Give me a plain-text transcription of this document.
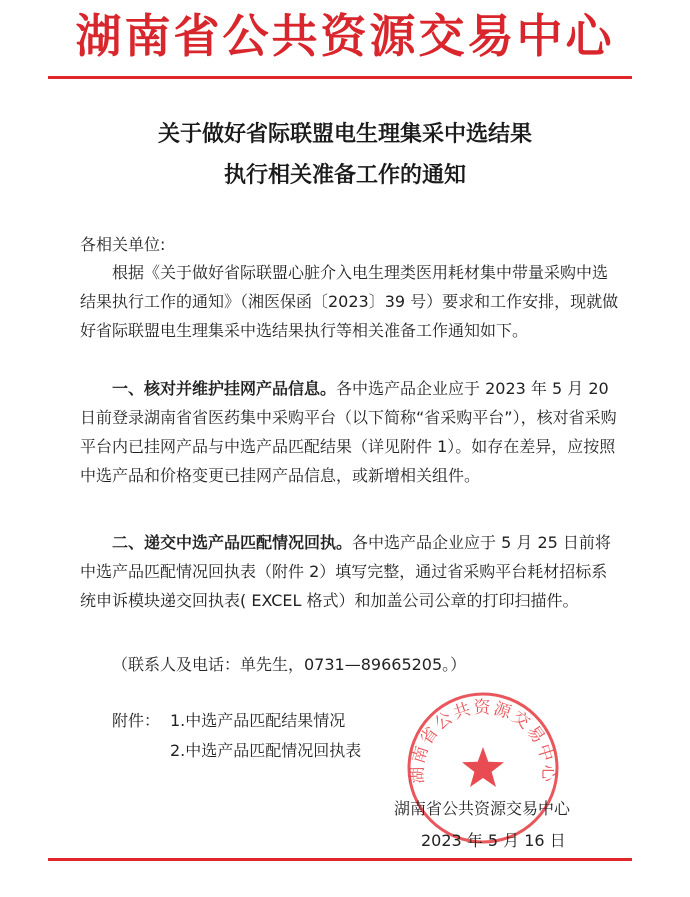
湖南省公共资源交易中心
关于做好省际联盟电生理集采中选结果
执行相关准备工作的通知
各相关单位:

根据《关于做好省际联盟心脏介入电生理类医用耗材集中带量采购中选结果执行工作的通知》（湘医保函〔2023〕39 号）要求和工作安排，现就做好省际联盟电生理集采中选结果执行等相关准备工作通知如下。

一、核对并维护挂网产品信息。各中选产品企业应于 2023 年 5 月 20 日前登录湖南省省医药集中采购平台（以下简称“省采购平台”），核对省采购平台内已挂网产品与中选产品匹配结果（详见附件 1）。如存在差异，应按照中选产品和价格变更已挂网产品信息，或新增相关组件。

二、递交中选产品匹配情况回执。各中选产品企业应于 5 月 25 日前将中选产品匹配情况回执表（附件 2）填写完整，通过省采购平台耗材招标系统申诉模块递交回执表( EXCEL 格式）和加盖公司公章的打印扫描件。

（联系人及电话：单先生，0731—89665205。）
附件： 1.中选产品匹配结果情况
2.中选产品匹配情况回执表
湖南省公共资源交易中心
湖南省公共资源交易中心
2023 年 5 月 16 日
